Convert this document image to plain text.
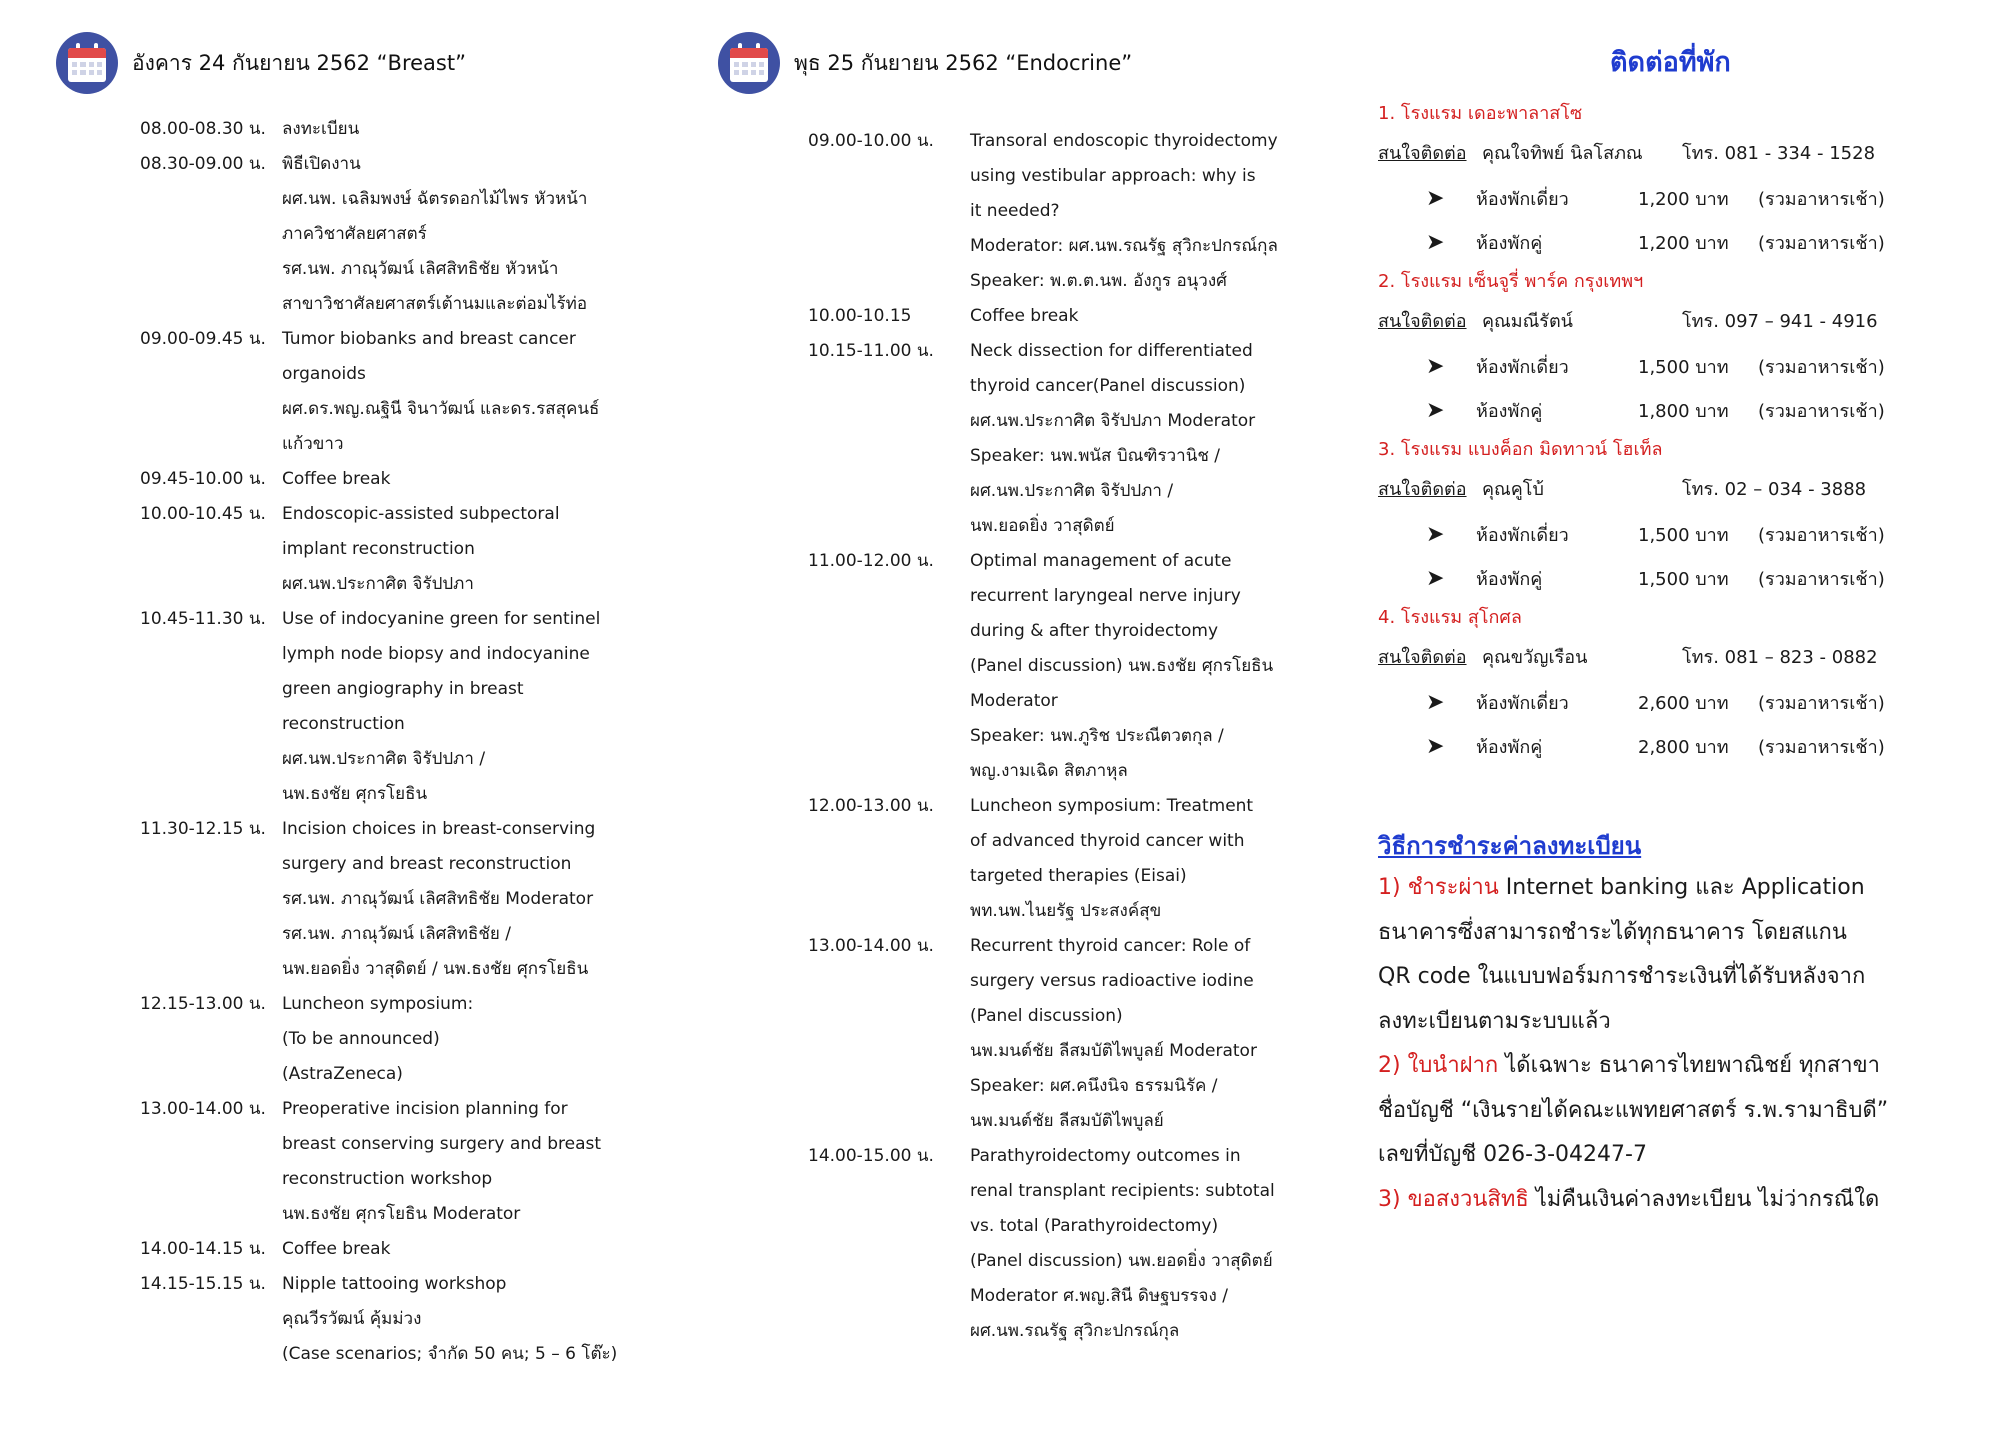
อังคาร 24 กันยายน 2562 “Breast”
08.00-08.30 น. ลงทะเบียน
08.30-09.00 น. พิธีเปิดงาน
ผศ.นพ. เฉลิมพงษ์ ฉัตรดอกไม้ไพร หัวหน้า
ภาควิชาศัลยศาสตร์
รศ.นพ. ภาณุวัฒน์ เลิศสิทธิชัย หัวหน้า
สาขาวิชาศัลยศาสตร์เต้านมและต่อมไร้ท่อ
09.00-09.45 น. Tumor biobanks and breast cancer
organoids
ผศ.ดร.พญ.ณฐินี จินาวัฒน์ และดร.รสสุคนธ์
แก้วขาว
09.45-10.00 น. Coffee break
10.00-10.45 น. Endoscopic-assisted subpectoral
implant reconstruction
ผศ.นพ.ประกาศิต จิรัปปภา
10.45-11.30 น. Use of indocyanine green for sentinel
lymph node biopsy and indocyanine
green angiography in breast
reconstruction
ผศ.นพ.ประกาศิต จิรัปปภา /
นพ.ธงชัย ศุกรโยธิน
11.30-12.15 น. Incision choices in breast-conserving
surgery and breast reconstruction
รศ.นพ. ภาณุวัฒน์ เลิศสิทธิชัย Moderator
รศ.นพ. ภาณุวัฒน์ เลิศสิทธิชัย /
นพ.ยอดยิ่ง วาสุดิตย์ / นพ.ธงชัย ศุกรโยธิน
12.15-13.00 น. Luncheon symposium:
(To be announced)
(AstraZeneca)
13.00-14.00 น. Preoperative incision planning for
breast conserving surgery and breast
reconstruction workshop
นพ.ธงชัย ศุกรโยธิน Moderator
14.00-14.15 น. Coffee break
14.15-15.15 น. Nipple tattooing workshop
คุณวีรวัฒน์ คุ้มม่วง
(Case scenarios; จำกัด 50 คน; 5 – 6 โต๊ะ)
พุธ 25 กันยายน 2562 “Endocrine”
09.00-10.00 น.	Transoral endoscopic thyroidectomy
using vestibular approach: why is
it needed?
Moderator: ผศ.นพ.รณรัฐ สุวิกะปกรณ์กุล
Speaker: พ.ต.ต.นพ. อังกูร อนุวงศ์
10.00-10.15	Coffee break
10.15-11.00 น.	Neck dissection for differentiated
thyroid cancer(Panel discussion)
ผศ.นพ.ประกาศิต จิรัปปภา Moderator
Speaker: นพ.พนัส บิณฑิรวานิช /
ผศ.นพ.ประกาศิต จิรัปปภา /
นพ.ยอดยิ่ง วาสุดิตย์
11.00-12.00 น.	Optimal management of acute
recurrent laryngeal nerve injury
during & after thyroidectomy
(Panel discussion) นพ.ธงชัย ศุกรโยธิน
Moderator
Speaker: นพ.ภูริช ประณีตวตกุล /
พญ.งามเฉิด สิตภาหุล
12.00-13.00 น.	Luncheon symposium: Treatment
of advanced thyroid cancer with
targeted therapies (Eisai)
พท.นพ.ไนยรัฐ ประสงค์สุข
13.00-14.00 น.	Recurrent thyroid cancer: Role of
surgery versus radioactive iodine
(Panel discussion)
นพ.มนต์ชัย ลีสมบัติไพบูลย์ Moderator
Speaker: ผศ.คนึงนิจ ธรรมนิรัค /
นพ.มนต์ชัย ลีสมบัติไพบูลย์
14.00-15.00 น.	Parathyroidectomy outcomes in
renal transplant recipients: subtotal
vs. total (Parathyroidectomy)
(Panel discussion) นพ.ยอดยิ่ง วาสุดิตย์
Moderator ศ.พญ.สินี ดิษฐบรรจง /
ผศ.นพ.รณรัฐ สุวิกะปกรณ์กุล
ติดต่อที่พัก
1. โรงแรม เดอะพาลาสโซ
สนใจติดต่อ คุณใจทิพย์ นิลโสภณ	โทร. 081 - 334 - 1528
➤	ห้องพักเดี่ยว	1,200 บาท	(รวมอาหารเช้า)
➤	ห้องพักคู่	1,200 บาท	(รวมอาหารเช้า)
2. โรงแรม เซ็นจูรี่ พาร์ค กรุงเทพฯ
สนใจติดต่อ คุณมณีรัตน์	โทร. 097 – 941 - 4916
➤	ห้องพักเดี่ยว	1,500 บาท	(รวมอาหารเช้า)
➤	ห้องพักคู่	1,800 บาท	(รวมอาหารเช้า)
3. โรงแรม แบงค็อก มิดทาวน์ โฮเท็ล
สนใจติดต่อ คุณคูโบ้	โทร. 02 – 034 - 3888
➤	ห้องพักเดี่ยว	1,500 บาท	(รวมอาหารเช้า)
➤	ห้องพักคู่	1,500 บาท	(รวมอาหารเช้า)
4. โรงแรม สุโกศล
สนใจติดต่อ คุณขวัญเรือน	โทร. 081 – 823 - 0882
➤	ห้องพักเดี่ยว	2,600 บาท	(รวมอาหารเช้า)
➤	ห้องพักคู่	2,800 บาท	(รวมอาหารเช้า)
วิธีการชำระค่าลงทะเบียน
1) ชำระผ่าน Internet banking และ Application
ธนาคารซึ่งสามารถชำระได้ทุกธนาคาร โดยสแกน
QR code ในแบบฟอร์มการชำระเงินที่ได้รับหลังจาก
ลงทะเบียนตามระบบแล้ว
2) ใบนำฝาก ได้เฉพาะ ธนาคารไทยพาณิชย์ ทุกสาขา
ชื่อบัญชี “เงินรายได้คณะแพทยศาสตร์ ร.พ.รามาธิบดี”
เลขที่บัญชี 026-3-04247-7
3) ขอสงวนสิทธิ ไม่คืนเงินค่าลงทะเบียน ไม่ว่ากรณีใด
